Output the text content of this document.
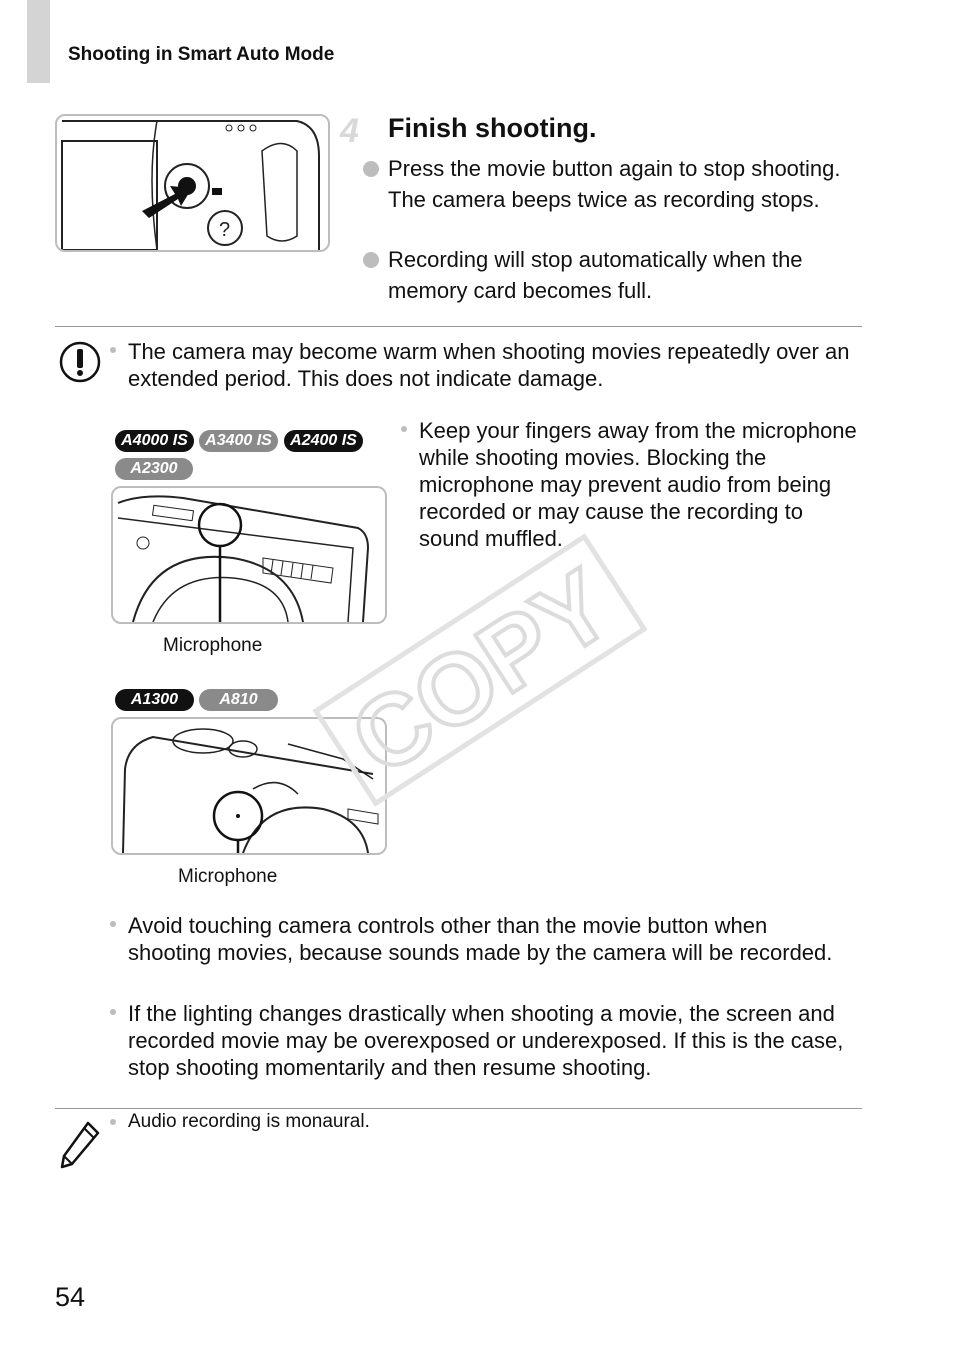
Shooting in Smart Auto Mode
?
4 Finish shooting.
Press the movie button again to stop shooting. The camera beeps twice as recording stops.
Recording will stop automatically when the memory card becomes full.
The camera may become warm when shooting movies repeatedly over an extended period. This does not indicate damage.
A4000 IS	A3400 IS	A2400 IS
A2300
Microphone
Keep your fingers away from the microphone while shooting movies. Blocking the microphone may prevent audio from being recorded or may cause the recording to sound muffled.
A1300	A810
Microphone
COPY
Avoid touching camera controls other than the movie button when shooting movies, because sounds made by the camera will be recorded.
If the lighting changes drastically when shooting a movie, the screen and recorded movie may be overexposed or underexposed. If this is the case, stop shooting momentarily and then resume shooting.
Audio recording is monaural.
54
